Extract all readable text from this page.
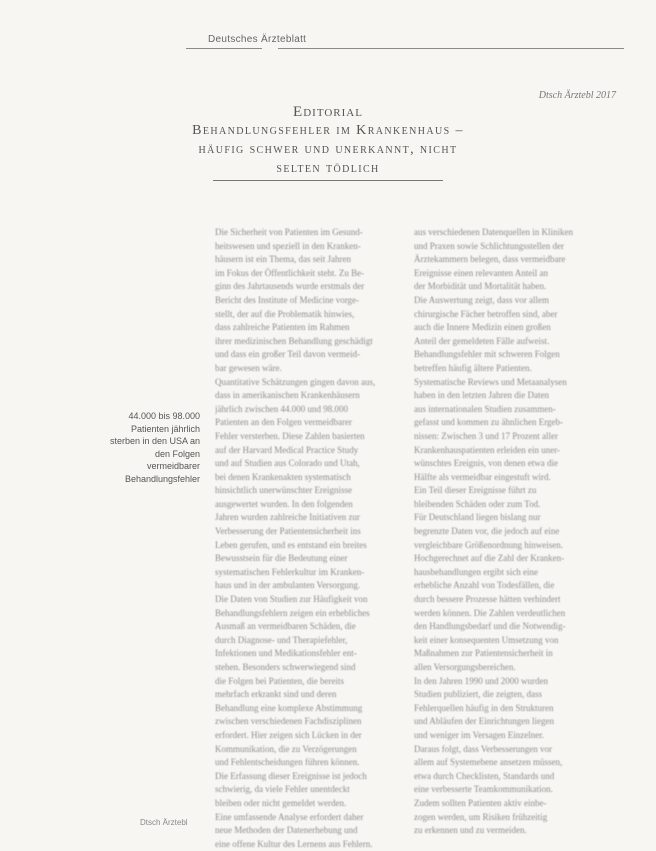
Deutsches Ärzteblatt
Dtsch Ärztebl 2017
Editorial
Behandlungsfehler im Krankenhaus –
häufig schwer und unerkannt, nicht
selten tödlich
44.000 bis 98.000 Patienten jährlich sterben in den USA an den Folgen vermeidbarer Behandlungsfehler
Die Sicherheit von Patienten im Gesund-
heitswesen und speziell in den Kranken-
häusern ist ein Thema, das seit Jahren
im Fokus der Öffentlichkeit steht. Zu Be-
ginn des Jahrtausends wurde erstmals der
Bericht des Institute of Medicine vorge-
stellt, der auf die Problematik hinwies,
dass zahlreiche Patienten im Rahmen
ihrer medizinischen Behandlung geschädigt
und dass ein großer Teil davon vermeid-
bar gewesen wäre.
Quantitative Schätzungen gingen davon aus,
dass in amerikanischen Krankenhäusern
jährlich zwischen 44.000 und 98.000
Patienten an den Folgen vermeidbarer
Fehler versterben. Diese Zahlen basierten
auf der Harvard Medical Practice Study
und auf Studien aus Colorado und Utah,
bei denen Krankenakten systematisch
hinsichtlich unerwünschter Ereignisse
ausgewertet wurden. In den folgenden
Jahren wurden zahlreiche Initiativen zur
Verbesserung der Patientensicherheit ins
Leben gerufen, und es entstand ein breites
Bewusstsein für die Bedeutung einer
systematischen Fehlerkultur im Kranken-
haus und in der ambulanten Versorgung.
Die Daten von Studien zur Häufigkeit von
Behandlungsfehlern zeigen ein erhebliches
Ausmaß an vermeidbaren Schäden, die
durch Diagnose- und Therapiefehler,
Infektionen und Medikationsfehler ent-
stehen. Besonders schwerwiegend sind
die Folgen bei Patienten, die bereits
mehrfach erkrankt sind und deren
Behandlung eine komplexe Abstimmung
zwischen verschiedenen Fachdisziplinen
erfordert. Hier zeigen sich Lücken in der
Kommunikation, die zu Verzögerungen
und Fehlentscheidungen führen können.
Die Erfassung dieser Ereignisse ist jedoch
schwierig, da viele Fehler unentdeckt
bleiben oder nicht gemeldet werden.
Eine umfassende Analyse erfordert daher
neue Methoden der Datenerhebung und
eine offene Kultur des Lernens aus Fehlern.
aus verschiedenen Datenquellen in Kliniken
und Praxen sowie Schlichtungsstellen der
Ärztekammern belegen, dass vermeidbare
Ereignisse einen relevanten Anteil an
der Morbidität und Mortalität haben.
Die Auswertung zeigt, dass vor allem
chirurgische Fächer betroffen sind, aber
auch die Innere Medizin einen großen
Anteil der gemeldeten Fälle aufweist.
Behandlungsfehler mit schweren Folgen
betreffen häufig ältere Patienten.
Systematische Reviews und Metaanalysen
haben in den letzten Jahren die Daten
aus internationalen Studien zusammen-
gefasst und kommen zu ähnlichen Ergeb-
nissen: Zwischen 3 und 17 Prozent aller
Krankenhauspatienten erleiden ein uner-
wünschtes Ereignis, von denen etwa die
Hälfte als vermeidbar eingestuft wird.
Ein Teil dieser Ereignisse führt zu
bleibenden Schäden oder zum Tod.
Für Deutschland liegen bislang nur
begrenzte Daten vor, die jedoch auf eine
vergleichbare Größenordnung hinweisen.
Hochgerechnet auf die Zahl der Kranken-
hausbehandlungen ergibt sich eine
erhebliche Anzahl von Todesfällen, die
durch bessere Prozesse hätten verhindert
werden können. Die Zahlen verdeutlichen
den Handlungsbedarf und die Notwendig-
keit einer konsequenten Umsetzung von
Maßnahmen zur Patientensicherheit in
allen Versorgungsbereichen.
In den Jahren 1990 und 2000 wurden
Studien publiziert, die zeigten, dass
Fehlerquellen häufig in den Strukturen
und Abläufen der Einrichtungen liegen
und weniger im Versagen Einzelner.
Daraus folgt, dass Verbesserungen vor
allem auf Systemebene ansetzen müssen,
etwa durch Checklisten, Standards und
eine verbesserte Teamkommunikation.
Zudem sollten Patienten aktiv einbe-
zogen werden, um Risiken frühzeitig
zu erkennen und zu vermeiden.
Dtsch Ärztebl
